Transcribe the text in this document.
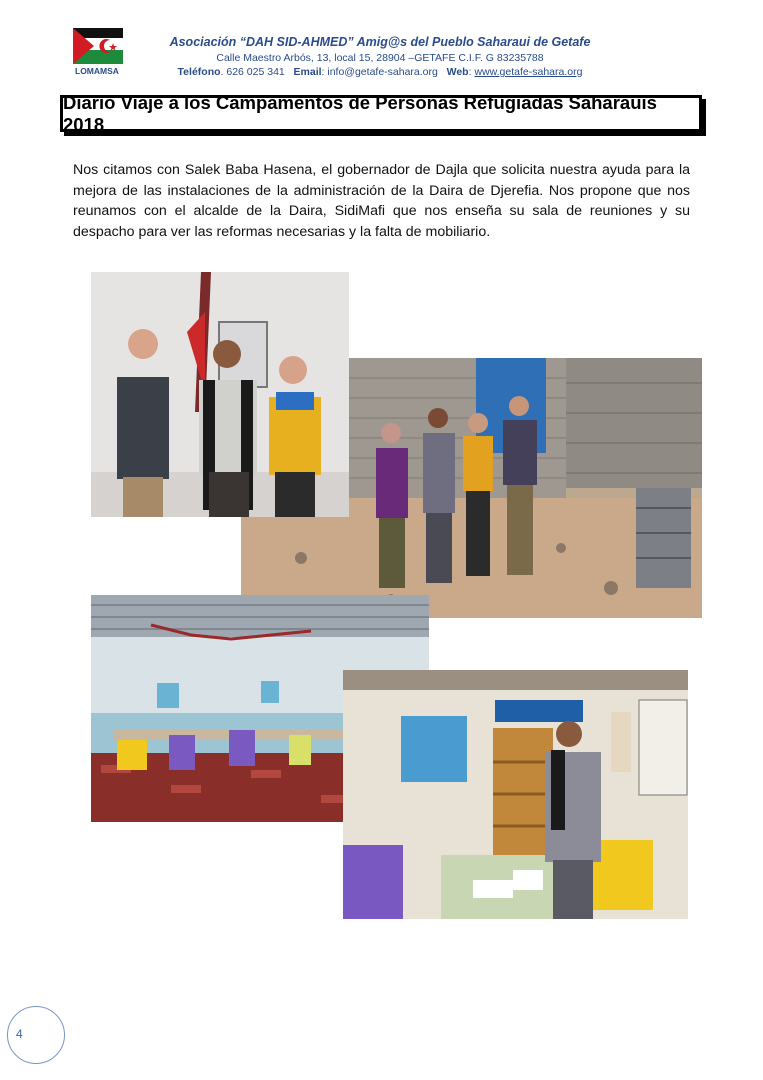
LOMAMSA
Asociación “DAH SID-AHMED” Amig@s del Pueblo Saharaui de Getafe
Calle Maestro Arbós, 13, local 15, 28904 –GETAFE C.I.F. G 83235788
Teléfono. 626 025 341 Email: info@getafe-sahara.org Web: www.getafe-sahara.org
Diario Viaje a los Campamentos de Personas Refugiadas Saharauis 2018
Nos citamos con Salek Baba Hasena, el gobernador de Dajla que solicita nuestra ayuda para la mejora de las instalaciones de la administración de la Daira de Djerefia. Nos propone que nos reunamos con el alcalde de la Daira, SidiMafi que nos enseña su sala de reuniones y su despacho para ver las reformas necesarias y la falta de mobiliario.
4
